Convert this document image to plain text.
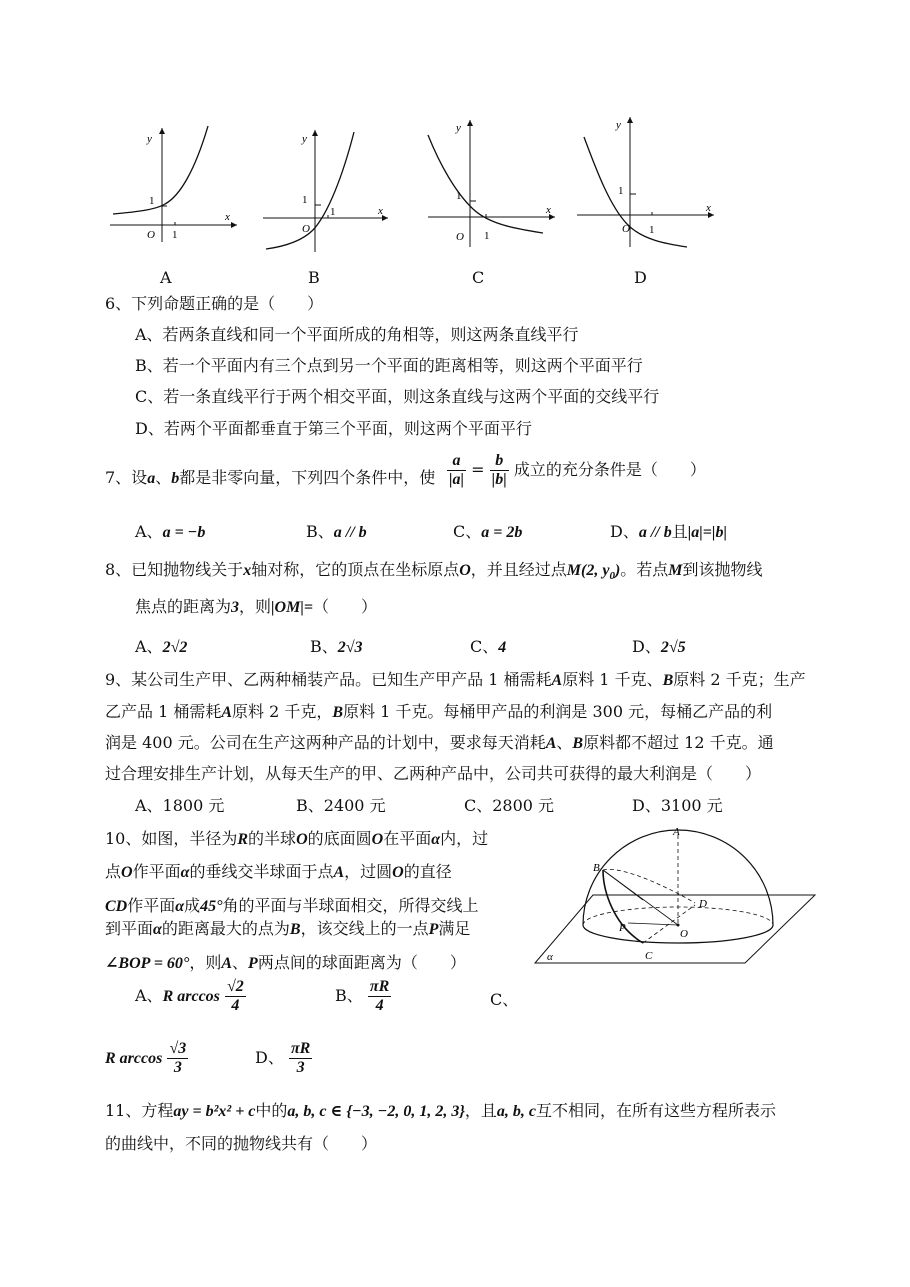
y
x
O
1
1
y
x
O
1
1
y
x
O
1
1
y
x
O
1
1
A	B	C	D
6、下列命题正确的是（　　）
A、若两条直线和同一个平面所成的角相等，则这两条直线平行
B、若一个平面内有三个点到另一个平面的距离相等，则这两个平面平行
C、若一条直线平行于两个相交平面，则这条直线与这两个平面的交线平行
D、若两个平面都垂直于第三个平面，则这两个平面平行
7、设a、b都是非零向量，下列四个条件中，使 $\frac{a}{|a|} = \frac{b}{|b|}$ 成立的充分条件是（　　）
A、a = −b	B、a // b	C、a = 2b	D、a // b且|a|=|b|
8、已知抛物线关于x轴对称，它的顶点在坐标原点O，并且经过点M(2, $y_0$)。若点M到该抛物线
焦点的距离为3，则|OM|=（　　）
A、2√2	B、2√3	C、4	D、2√5
9、某公司生产甲、乙两种桶装产品。已知生产甲产品 1 桶需耗A原料 1 千克、B原料 2 千克；生产
乙产品 1 桶需耗A原料 2 千克，B原料 1 千克。每桶甲产品的利润是 300 元，每桶乙产品的利
润是 400 元。公司在生产这两种产品的计划中，要求每天消耗A、B原料都不超过 12 千克。通
过合理安排生产计划，从每天生产的甲、乙两种产品中，公司共可获得的最大利润是（　　）
A、1800 元	B、2400 元	C、2800 元	D、3100 元
10、如图，半径为R的半球O的底面圆O在平面α内，过
点O作平面α的垂线交半球面于点A，过圆O的直径
CD作平面α成45°角的平面与半球面相交，所得交线上
到平面α的距离最大的点为B，该交线上的一点P满足
∠BOP = 60°，则A、P两点间的球面距离为（　　）
A、R $\arccos \frac{√2}{4}$	B、 $\frac{\pi R}{4}$	C、
R $\arccos \frac{√3}{3}$	D、 $\frac{\pi R}{3}$
A
B
D
P	O
C
α
11、方程ay = b²x² + c中的a, b, c ∈ {−3, −2, 0, 1, 2, 3}，且a, b, c互不相同，在所有这些方程所表示
的曲线中，不同的抛物线共有（　　）
